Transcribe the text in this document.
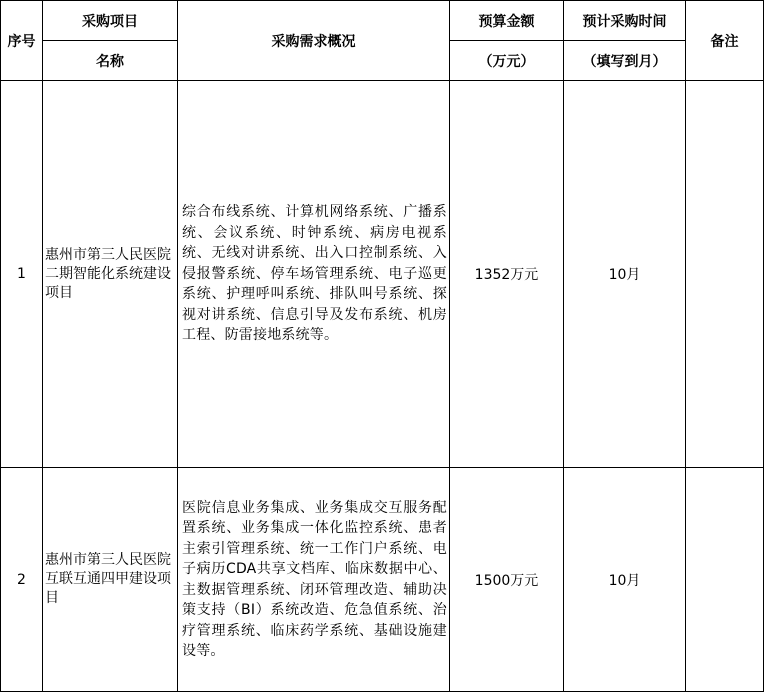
序号	采购项目	采购需求概况	预算金额	预计采购时间	备注
	名称		（万元）	（填写到月）	
1	惠州市第三人民医院二期智能化系统建设项目	综合布线系统、计算机网络系统、广播系统、会议系统、时钟系统、病房电视系统、无线对讲系统、出入口控制系统、入侵报警系统、停车场管理系统、电子巡更系统、护理呼叫系统、排队叫号系统、探视对讲系统、信息引导及发布系统、机房工程、防雷接地系统等。	1352万元	10月	
2	惠州市第三人民医院互联互通四甲建设项目	医院信息业务集成、业务集成交互服务配置系统、业务集成一体化监控系统、患者主索引管理系统、统一工作门户系统、电子病历CDA共享文档库、临床数据中心、主数据管理系统、闭环管理改造、辅助决策支持（BI）系统改造、危急值系统、治疗管理系统、临床药学系统、基础设施建设等。	1500万元	10月	
